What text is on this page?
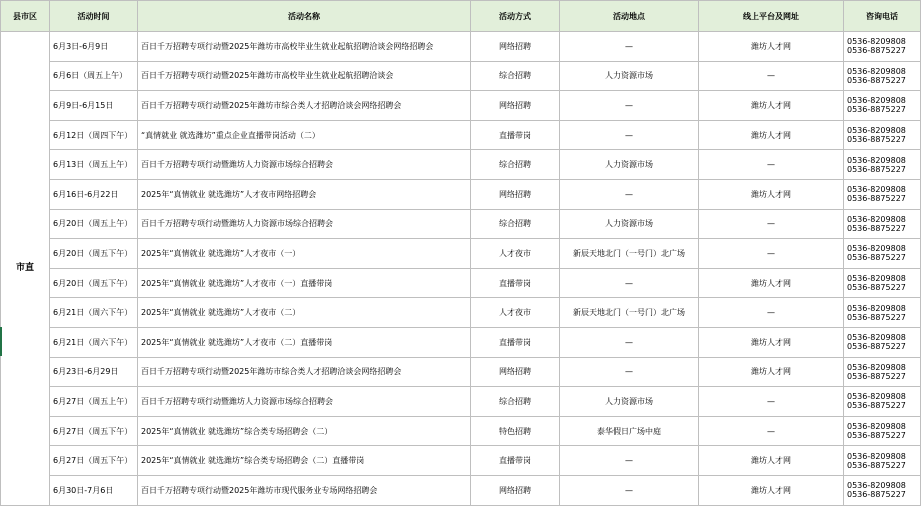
县市区	活动时间	活动名称	活动方式	活动地点	线上平台及网址	咨询电话
市直	6月3日-6月9日	百日千万招聘专项行动暨2025年潍坊市高校毕业生就业起航招聘洽谈会网络招聘会	网络招聘	—	潍坊人才网	0536-8209808
0536-8875227

	6月6日（周五上午）	百日千万招聘专项行动暨2025年潍坊市高校毕业生就业起航招聘洽谈会	综合招聘	人力资源市场	—	0536-8209808
0536-8875227

	6月9日-6月15日	百日千万招聘专项行动暨2025年潍坊市综合类人才招聘洽谈会网络招聘会	网络招聘	—	潍坊人才网	0536-8209808
0536-8875227

	6月12日（周四下午）	“真情就业 就选潍坊”重点企业直播带岗活动（二）	直播带岗	—	潍坊人才网	0536-8209808
0536-8875227

	6月13日（周五上午）	百日千万招聘专项行动暨潍坊人力资源市场综合招聘会	综合招聘	人力资源市场	—	0536-8209808
0536-8875227

	6月16日-6月22日	2025年“真情就业 就选潍坊”人才夜市网络招聘会	网络招聘	—	潍坊人才网	0536-8209808
0536-8875227

	6月20日（周五上午）	百日千万招聘专项行动暨潍坊人力资源市场综合招聘会	综合招聘	人力资源市场	—	0536-8209808
0536-8875227

	6月20日（周五下午）	2025年“真情就业 就选潍坊”人才夜市（一）	人才夜市	新辰天地北门（一号门）北广场	—	0536-8209808
0536-8875227

	6月20日（周五下午）	2025年“真情就业 就选潍坊”人才夜市（一）直播带岗	直播带岗	—	潍坊人才网	0536-8209808
0536-8875227

	6月21日（周六下午）	2025年“真情就业 就选潍坊”人才夜市（二）	人才夜市	新辰天地北门（一号门）北广场	—	0536-8209808
0536-8875227

	6月21日（周六下午）	2025年“真情就业 就选潍坊”人才夜市（二）直播带岗	直播带岗	—	潍坊人才网	0536-8209808
0536-8875227

	6月23日-6月29日	百日千万招聘专项行动暨2025年潍坊市综合类人才招聘洽谈会网络招聘会	网络招聘	—	潍坊人才网	0536-8209808
0536-8875227

	6月27日（周五上午）	百日千万招聘专项行动暨潍坊人力资源市场综合招聘会	综合招聘	人力资源市场	—	0536-8209808
0536-8875227

	6月27日（周五下午）	2025年“真情就业 就选潍坊”综合类专场招聘会（二）	特色招聘	泰华假日广场中庭	—	0536-8209808
0536-8875227

	6月27日（周五下午）	2025年“真情就业 就选潍坊”综合类专场招聘会（二）直播带岗	直播带岗	—	潍坊人才网	0536-8209808
0536-8875227

	6月30日-7月6日	百日千万招聘专项行动暨2025年潍坊市现代服务业专场网络招聘会	网络招聘	—	潍坊人才网	0536-8209808
0536-8875227
